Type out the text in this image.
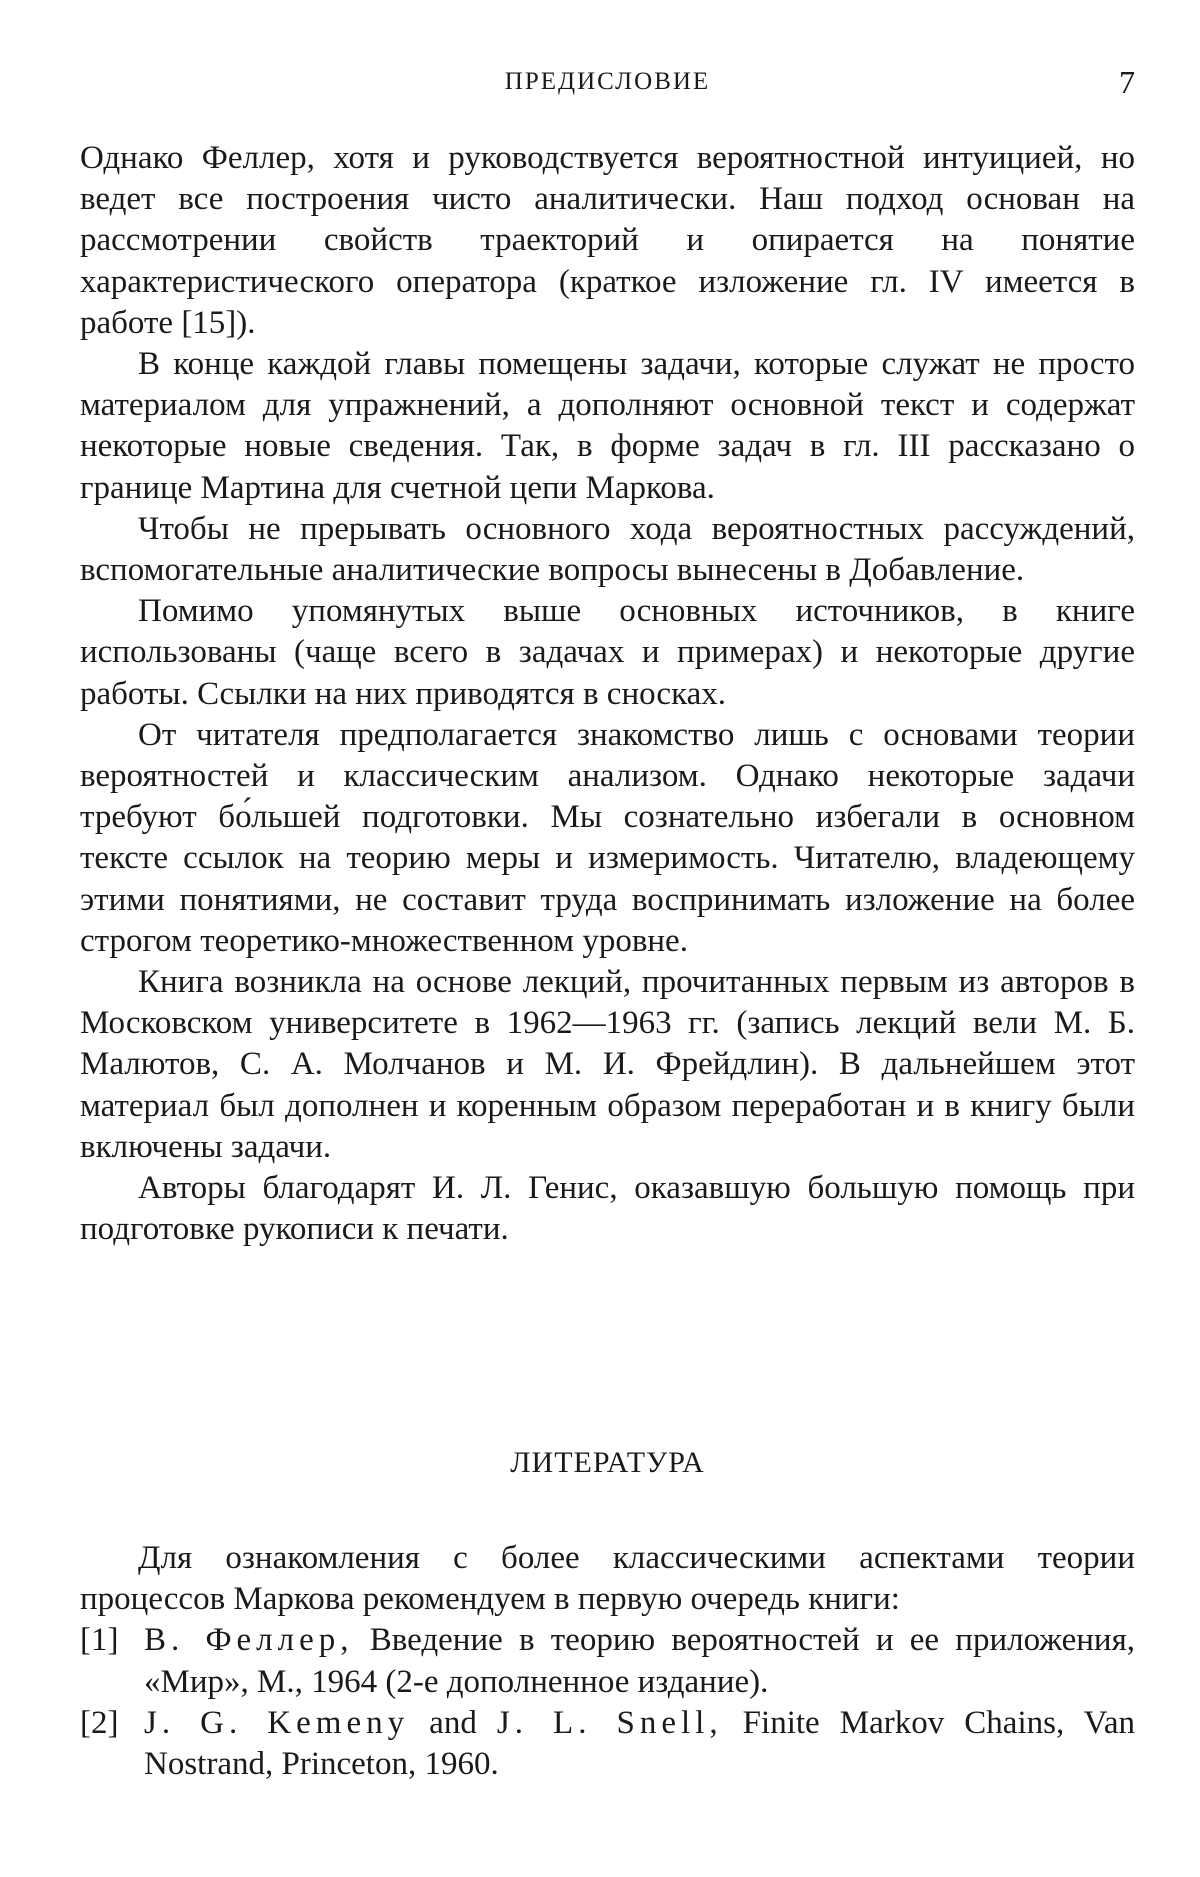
ПРЕДИСЛОВИЕ	7

Однако Феллер, хотя и руководствуется вероятностной интуицией, но ведет все построения чисто аналитически. Наш подход основан на рассмотрении свойств траекторий и опирается на понятие характеристического оператора (краткое изложение гл. IV имеется в работе [15]).

В конце каждой главы помещены задачи, которые служат не просто материалом для упражнений, а дополняют основной текст и содержат некоторые новые сведения. Так, в форме задач в гл. III рассказано о границе Мартина для счетной цепи Маркова.

Чтобы не прерывать основного хода вероятностных рассуждений, вспомогательные аналитические вопросы вынесены в Добавление.

Помимо упомянутых выше основных источников, в книге использованы (чаще всего в задачах и примерах) и некоторые другие работы. Ссылки на них приводятся в сносках.

От читателя предполагается знакомство лишь с основами теории вероятностей и классическим анализом. Однако некоторые задачи требуют бо́льшей подготовки. Мы сознательно избегали в основном тексте ссылок на теорию меры и измеримость. Читателю, владеющему этими понятиями, не составит труда воспринимать изложение на более строгом теоретико-множественном уровне.

Книга возникла на основе лекций, прочитанных первым из авторов в Московском университете в 1962—1963 гг. (запись лекций вели М. Б. Малютов, С. А. Молчанов и М. И. Фрейдлин). В дальнейшем этот материал был дополнен и коренным образом переработан и в книгу были включены задачи.

Авторы благодарят И. Л. Генис, оказавшую большую помощь при подготовке рукописи к печати.

ЛИТЕРАТУРА

Для ознакомления с более классическими аспектами теории процессов Маркова рекомендуем в первую очередь книги:

[1] В. Феллер, Введение в теорию вероятностей и ее приложения, «Мир», М., 1964 (2-е дополненное издание).
[2] J. G. Kemeny and J. L. Snell, Finite Markov Chains, Van Nostrand, Princeton, 1960.
